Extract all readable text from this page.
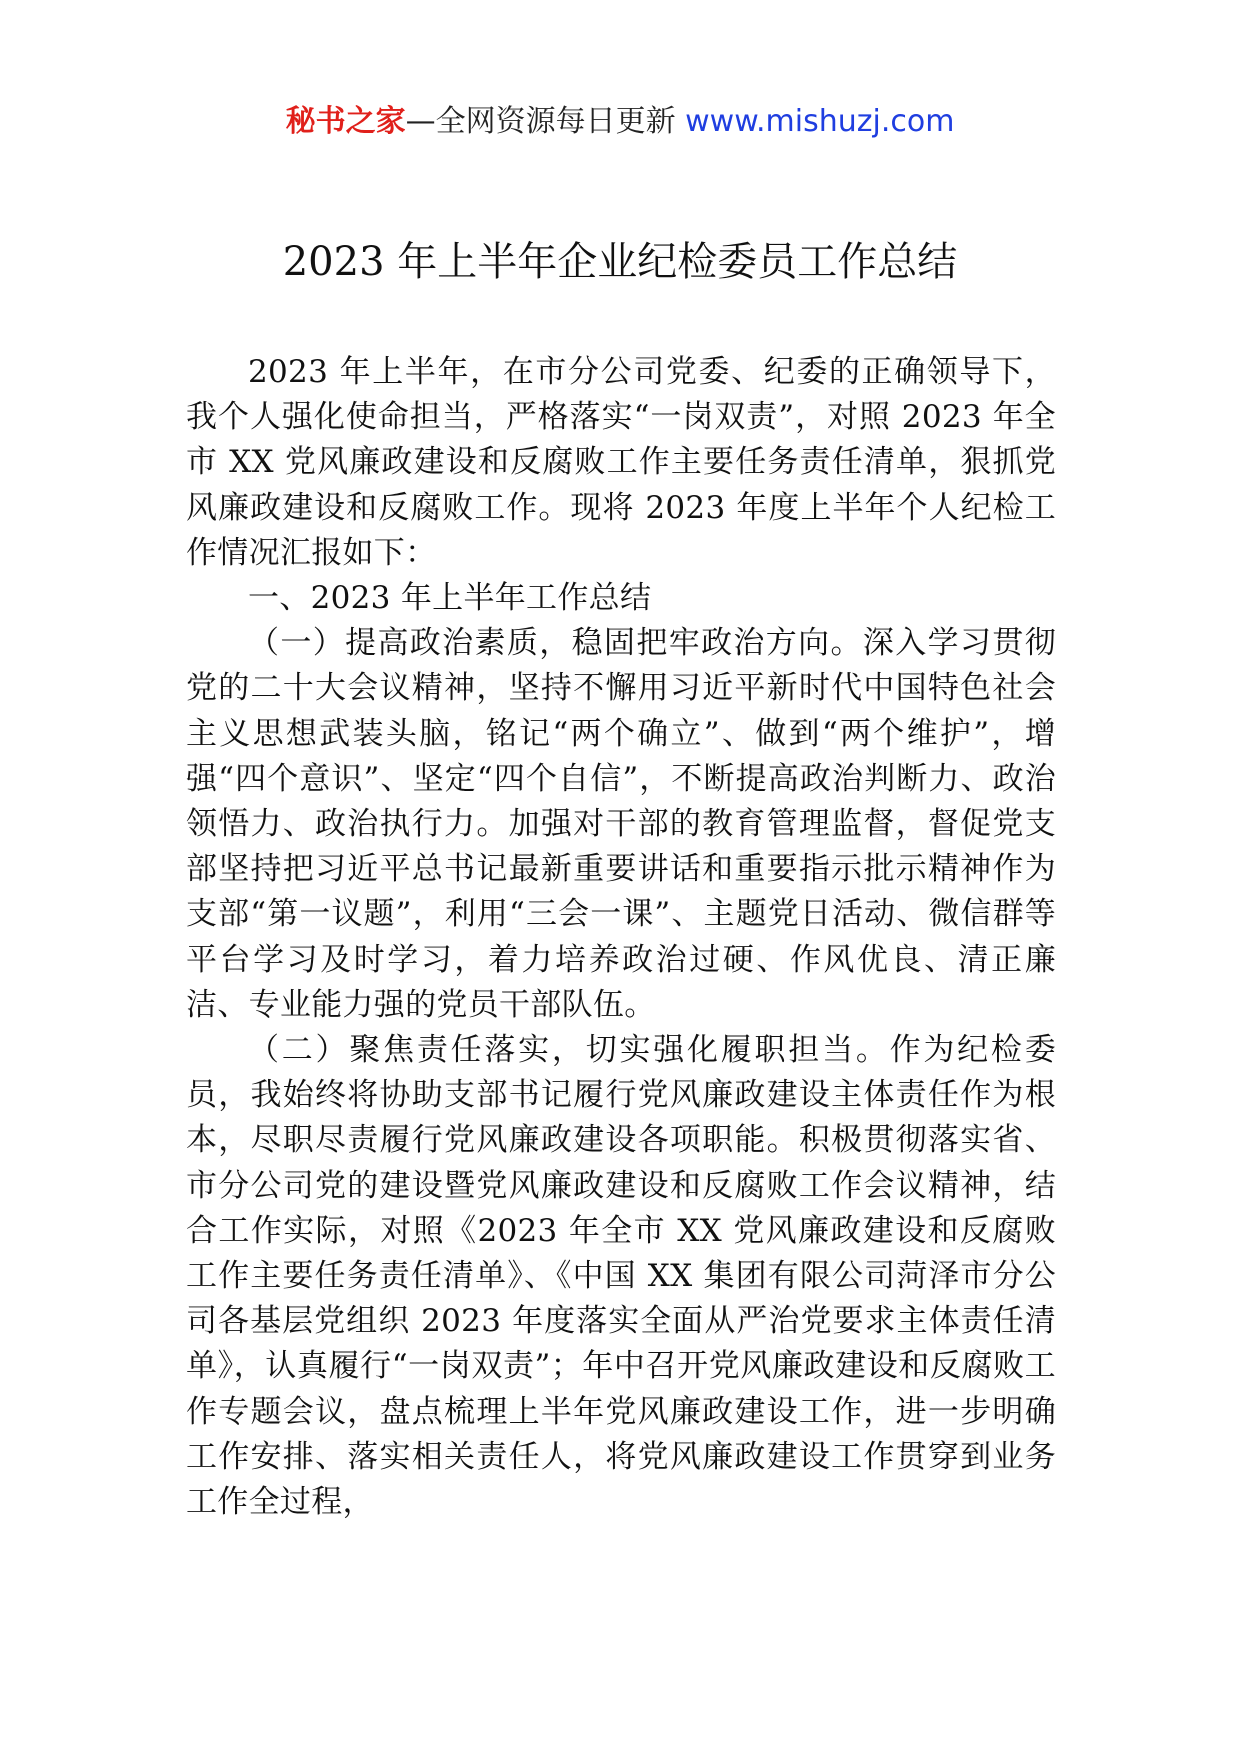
秘书之家—全网资源每日更新 www.mishuzj.com
2023 年上半年企业纪检委员工作总结

2023 年上半年，在市分公司党委、纪委的正确领导下，我个人强化使命担当，严格落实“一岗双责”，对照 2023 年全市 XX 党风廉政建设和反腐败工作主要任务责任清单，狠抓党风廉政建设和反腐败工作。现将 2023 年度上半年个人纪检工作情况汇报如下：

一、2023 年上半年工作总结

（一）提高政治素质，稳固把牢政治方向。深入学习贯彻党的二十大会议精神，坚持不懈用习近平新时代中国特色社会主义思想武装头脑，铭记“两个确立”、做到“两个维护”，增强“四个意识”、坚定“四个自信”，不断提高政治判断力、政治领悟力、政治执行力。加强对干部的教育管理监督，督促党支部坚持把习近平总书记最新重要讲话和重要指示批示精神作为支部“第一议题”，利用“三会一课”、主题党日活动、微信群等平台学习及时学习，着力培养政治过硬、作风优良、清正廉洁、专业能力强的党员干部队伍。

（二）聚焦责任落实，切实强化履职担当。作为纪检委员，我始终将协助支部书记履行党风廉政建设主体责任作为根本，尽职尽责履行党风廉政建设各项职能。积极贯彻落实省、市分公司党的建设暨党风廉政建设和反腐败工作会议精神，结合工作实际，对照《2023 年全市 XX 党风廉政建设和反腐败工作主要任务责任清单》、《中国 XX 集团有限公司菏泽市分公司各基层党组织 2023 年度落实全面从严治党要求主体责任清单》，认真履行“一岗双责”；年中召开党风廉政建设和反腐败工作专题会议，盘点梳理上半年党风廉政建设工作，进一步明确工作安排、落实相关责任人，将党风廉政建设工作贯穿到业务工作全过程，
